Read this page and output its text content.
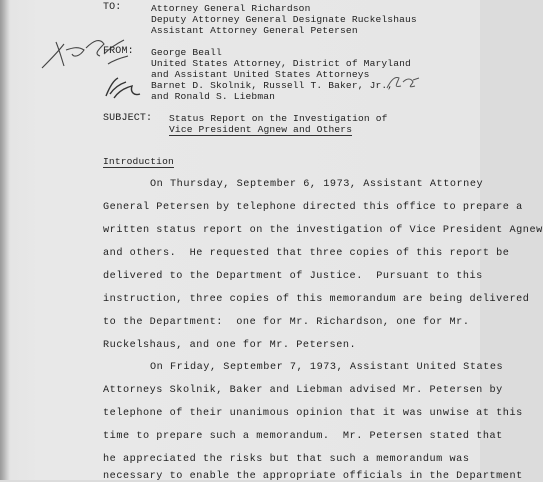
TO:	Attorney General Richardson
Deputy Attorney General Designate Ruckelshaus
Assistant Attorney General Petersen
FROM: George Beall
United States Attorney, District of Maryland
and Assistant United States Attorneys
Barnet D. Skolnik, Russell T. Baker, Jr.,
and Ronald S. Liebman
SUBJECT: Status Report on the Investigation of
Vice President Agnew and Others
Introduction
On Thursday, September 6, 1973, Assistant Attorney
General Petersen by telephone directed this office to prepare a
written status report on the investigation of Vice President Agnew
and others.  He requested that three copies of this report be
delivered to the Department of Justice.  Pursuant to this
instruction, three copies of this memorandum are being delivered
to the Department:  one for Mr. Richardson, one for Mr.
Ruckelshaus, and one for Mr. Petersen.
On Friday, September 7, 1973, Assistant United States
Attorneys Skolnik, Baker and Liebman advised Mr. Petersen by
telephone of their unanimous opinion that it was unwise at this
time to prepare such a memorandum.  Mr. Petersen stated that
he appreciated the risks but that such a memorandum was
necessary to enable the appropriate officials in the Department
